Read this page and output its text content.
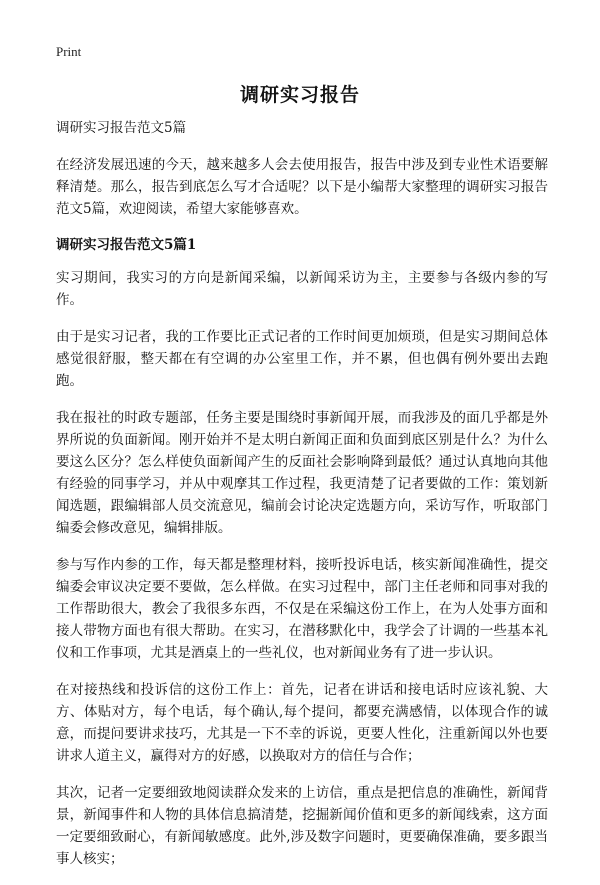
Print
调研实习报告
调研实习报告范文5篇

在经济发展迅速的今天，越来越多人会去使用报告，报告中涉及到专业性术语要解释清楚。那么，报告到底怎么写才合适呢？以下是小编帮大家整理的调研实习报告范文5篇，欢迎阅读，希望大家能够喜欢。

调研实习报告范文5篇1

实习期间，我实习的方向是新闻采编，以新闻采访为主，主要参与各级内参的写作。

由于是实习记者，我的工作要比正式记者的工作时间更加烦琐，但是实习期间总体感觉很舒服，整天都在有空调的办公室里工作，并不累，但也偶有例外要出去跑跑。

我在报社的时政专题部，任务主要是围绕时事新闻开展，而我涉及的面几乎都是外界所说的负面新闻。刚开始并不是太明白新闻正面和负面到底区别是什么？为什么要这么区分？怎么样使负面新闻产生的反面社会影响降到最低？通过认真地向其他有经验的同事学习，并从中观摩其工作过程，我更清楚了记者要做的工作：策划新闻选题，跟编辑部人员交流意见，编前会讨论决定选题方向，采访写作，听取部门编委会修改意见，编辑排版。

参与写作内参的工作，每天都是整理材料，接听投诉电话，核实新闻准确性，提交编委会审议决定要不要做，怎么样做。在实习过程中，部门主任老师和同事对我的工作帮助很大，教会了我很多东西，不仅是在采编这份工作上，在为人处事方面和接人带物方面也有很大帮助。在实习，在潜移默化中，我学会了计调的一些基本礼仪和工作事项，尤其是酒桌上的一些礼仪，也对新闻业务有了进一步认识。

在对接热线和投诉信的这份工作上：首先，记者在讲话和接电话时应该礼貌、大方、体贴对方，每个电话，每个确认,每个提问，都要充满感情，以体现合作的诚意，而提问要讲求技巧，尤其是一下不幸的诉说，更要人性化，注重新闻以外也要讲求人道主义，赢得对方的好感，以换取对方的信任与合作；

其次，记者一定要细致地阅读群众发来的上访信，重点是把信息的准确性，新闻背景，新闻事件和人物的具体信息搞清楚，挖掘新闻价值和更多的新闻线索，这方面一定要细致耐心，有新闻敏感度。此外,涉及数字问题时，更要确保准确，要多跟当事人核实；
